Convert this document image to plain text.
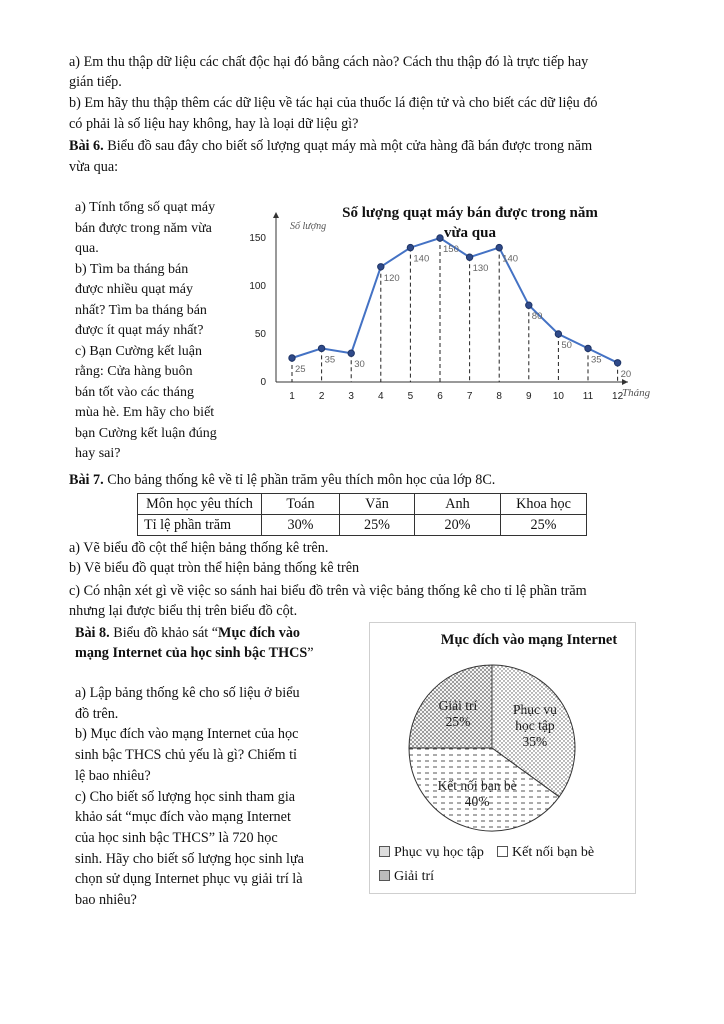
a) Em thu thập dữ liệu các chất độc hại đó bằng cách nào? Cách thu thập đó là trực tiếp hay
gián tiếp.
b) Em hãy thu thập thêm các dữ liệu về tác hại của thuốc lá điện tử và cho biết các dữ liệu đó
có phải là số liệu hay không, hay là loại dữ liệu gì?
Bài 6. Biểu đồ sau đây cho biết số lượng quạt máy mà một cửa hàng đã bán được trong năm
vừa qua:
a) Tính tổng số quạt máy
bán được trong năm vừa
qua.
b) Tìm ba tháng bán
được nhiều quạt máy
nhất? Tìm ba tháng bán
được ít quạt máy nhất?
c) Bạn Cường kết luận
rằng: Cửa hàng buôn
bán tốt vào các tháng
mùa hè. Em hãy cho biết
bạn Cường kết luận đúng
hay sai?
0
50
100
150
1 2 3 4 5 6 7 8 9 10 11 12
25
35 30
120
140
150
130
140
80
50
35
20
Số lượng quạt máy bán được trong năm
vừa qua
Số lượng
Tháng
Bài 7. Cho bảng thống kê về tỉ lệ phần trăm yêu thích môn học của lớp 8C.
Môn học yêu thích	Toán	Văn	Anh	Khoa học
Tỉ lệ phần trăm	30%	25%	20%	25%
a) Vẽ biểu đồ cột thể hiện bảng thống kê trên.
b) Vẽ biểu đồ quạt tròn thể hiện bảng thống kê trên
c) Có nhận xét gì về việc so sánh hai biểu đồ trên và việc bảng thống kê cho tỉ lệ phần trăm
nhưng lại được biểu thị trên biểu đồ cột.
Bài 8. Biểu đồ khảo sát “Mục đích vào
mạng Internet của học sinh bậc THCS”
a) Lập bảng thống kê cho số liệu ở biểu
đồ trên.
b) Mục đích vào mạng Internet của học
sinh bậc THCS chủ yếu là gì? Chiếm tỉ
lệ bao nhiêu?
c) Cho biết số lượng học sinh tham gia
khảo sát “mục đích vào mạng Internet
của học sinh bậc THCS” là 720 học
sinh. Hãy cho biết số lượng học sinh lựa
chọn sử dụng Internet phục vụ giải trí là
bao nhiêu?
Mục đích vào mạng Internet
Phục vụ
học tập
35%
Kết nối bạn bè
40%
Giải trí
25%
Phục vụ học tập	Kết nối bạn bè
Giải trí
